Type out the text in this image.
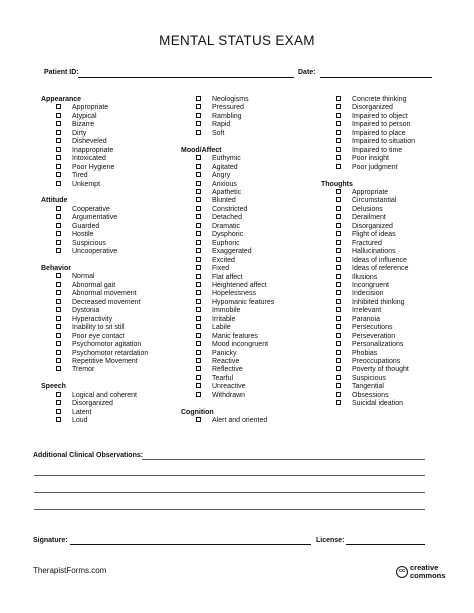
MENTAL STATUS EXAM
Patient ID:	Date:
Appearance
Appropriate
Atypical
Bizarre
Dirty
Disheveled
Inappropriate
Intoxicated
Poor Hygiene
Tired
Unkempt
Attitude
Cooperative
Argumentative
Guarded
Hostile
Suspicious
Uncooperative
Behavior
Normal
Abnormal gait
Abnormal movement
Decreased movement
Dystonia
Hyperactivity
Inability to sit still
Poor eye contact
Psychomotor agitation
Psychomotor retardation
Repetitive Movement
Tremor
Speech
Logical and coherent
Disorganized
Latent
Loud
Neologisms
Pressured
Rambling
Rapid
Soft
Mood/Affect
Euthymic
Agitated
Angry
Anxious
Apathetic
Blunted
Constricted
Detached
Dramatic
Dysphoric
Euphoric
Exaggerated
Excited
Fixed
Flat affect
Heightened affect
Hopelessness
Hypomanic features
Immobile
Irritable
Labile
Manic features
Mood incongruent
Panicky
Reactive
Reflective
Tearful
Unreactive
Withdrawn
Cognition
Alert and oriented
Concrete thinking
Disorganized
Impaired to object
Impaired to person
Impaired to place
Impaired to situation
Impaired to time
Poor insight
Poor judgment
Thoughts
Appropriate
Circumstantial
Delusions
Derailment
Disorganized
Flight of ideas
Fractured
Hallucinations
Ideas of influence
Ideas of reference
Illusions
Incongruent
Indecision
Inhibited thinking
Irrelevant
Paranoia
Persecutions
Perseveration
Personalizations
Phobias
Preoccupations
Poverty of thought
Suspicious
Tangential
Obsessions
Suicidal ideation
Additional Clinical Observations:
Signature:	License:
TherapistForms.com	cc creative
commons
